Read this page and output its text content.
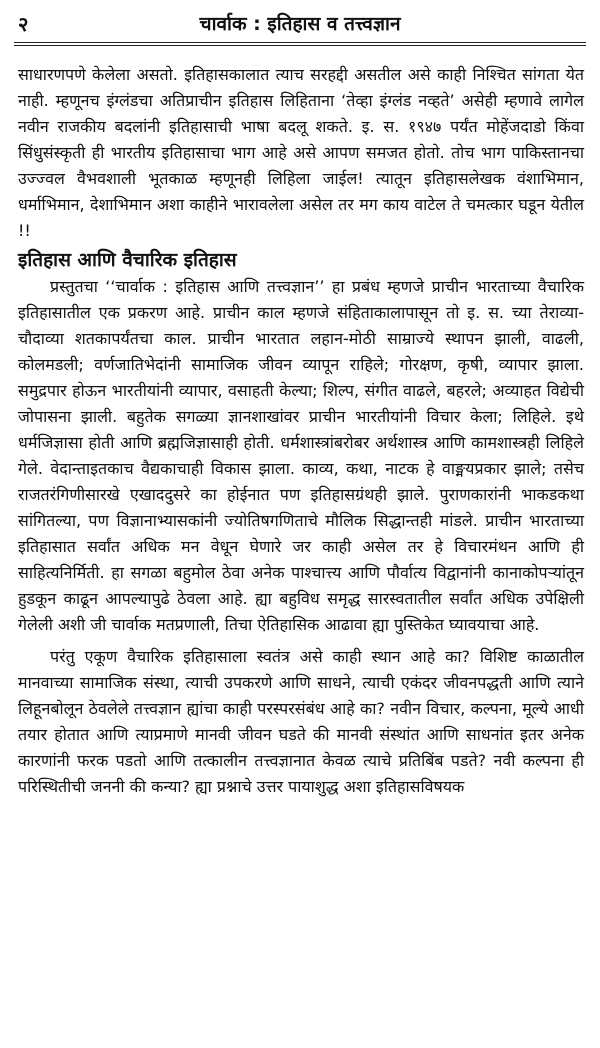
२	चार्वाक : इतिहास व तत्त्वज्ञान

साधारणपणे केलेला असतो. इतिहासकालात त्याच सरहद्दी असतील असे काही निश्चित सांगता येत नाही. म्हणूनच इंग्लंडचा अतिप्राचीन इतिहास लिहिताना ‘तेव्हा इंग्लंड नव्हते’ असेही म्हणावे लागेल नवीन राजकीय बदलांनी इतिहासाची भाषा बदलू शकते. इ. स. १९४७ पर्यंत मोहेंजदाडो किंवा सिंधुसंस्कृती ही भारतीय इतिहासाचा भाग आहे असे आपण समजत होतो. तोच भाग पाकिस्तानचा उज्ज्वल वैभवशाली भूतकाळ म्हणूनही लिहिला जाईल! त्यातून इतिहासलेखक वंशाभिमान, धर्माभिमान, देशाभिमान अशा काहीने भारावलेला असेल तर मग काय वाटेल ते चमत्कार घडून येतील !!

इतिहास आणि वैचारिक इतिहास

प्रस्तुतचा ‘‘चार्वाक : इतिहास आणि तत्त्वज्ञान’’ हा प्रबंध म्हणजे प्राचीन भारताच्या वैचारिक इतिहासातील एक प्रकरण आहे. प्राचीन काल म्हणजे संहिताकालापासून तो इ. स. च्या तेराव्या-चौदाव्या शतकापर्यंतचा काल. प्राचीन भारतात लहान-मोठी साम्राज्ये स्थापन झाली, वाढली, कोलमडली; वर्णजातिभेदांनी सामाजिक जीवन व्यापून राहिले; गोरक्षण, कृषी, व्यापार झाला. समुद्रपार होऊन भारतीयांनी व्यापार, वसाहती केल्या; शिल्प, संगीत वाढले, बहरले; अव्याहत विद्येची जोपासना झाली. बहुतेक सगळ्या ज्ञानशाखांवर प्राचीन भारतीयांनी विचार केला; लिहिले. इथे धर्मजिज्ञासा होती आणि ब्रह्मजिज्ञासाही होती. धर्मशास्त्रांबरोबर अर्थशास्त्र आणि कामशास्त्रही लिहिले गेले. वेदान्ताइतकाच वैद्यकाचाही विकास झाला. काव्य, कथा, नाटक हे वाङ्मयप्रकार झाले; तसेच राजतरंगिणीसारखे एखाददुसरे का होईनात पण इतिहासग्रंथही झाले. पुराणकारांनी भाकडकथा सांगितल्या, पण विज्ञानाभ्यासकांनी ज्योतिषगणिताचे मौलिक सिद्धान्तही मांडले. प्राचीन भारताच्या इतिहासात सर्वांत अधिक मन वेधून घेणारे जर काही असेल तर हे विचारमंथन आणि ही साहित्यनिर्मिती. हा सगळा बहुमोल ठेवा अनेक पाश्चात्त्य आणि पौर्वात्य विद्वानांनी कानाकोपऱ्यांतून हुडकून काढून आपल्यापुढे ठेवला आहे. ह्या बहुविध समृद्ध सारस्वतातील सर्वांत अधिक उपेक्षिली गेलेली अशी जी चार्वाक मतप्रणाली, तिचा ऐतिहासिक आढावा ह्या पुस्तिकेत घ्यावयाचा आहे.

परंतु एकूण वैचारिक इतिहासाला स्वतंत्र असे काही स्थान आहे का? विशिष्ट काळातील मानवाच्या सामाजिक संस्था, त्याची उपकरणे आणि साधने, त्याची एकंदर जीवनपद्धती आणि त्याने लिहूनबोलून ठेवलेले तत्त्वज्ञान ह्यांचा काही परस्परसंबंध आहे का? नवीन विचार, कल्पना, मूल्ये आधी तयार होतात आणि त्याप्रमाणे मानवी जीवन घडते की मानवी संस्थांत आणि साधनांत इतर अनेक कारणांनी फरक पडतो आणि तत्कालीन तत्त्वज्ञानात केवळ त्याचे प्रतिबिंब पडते? नवी कल्पना ही परिस्थितीची जननी की कन्या? ह्या प्रश्नाचे उत्तर पायाशुद्ध अशा इतिहासविषयक
